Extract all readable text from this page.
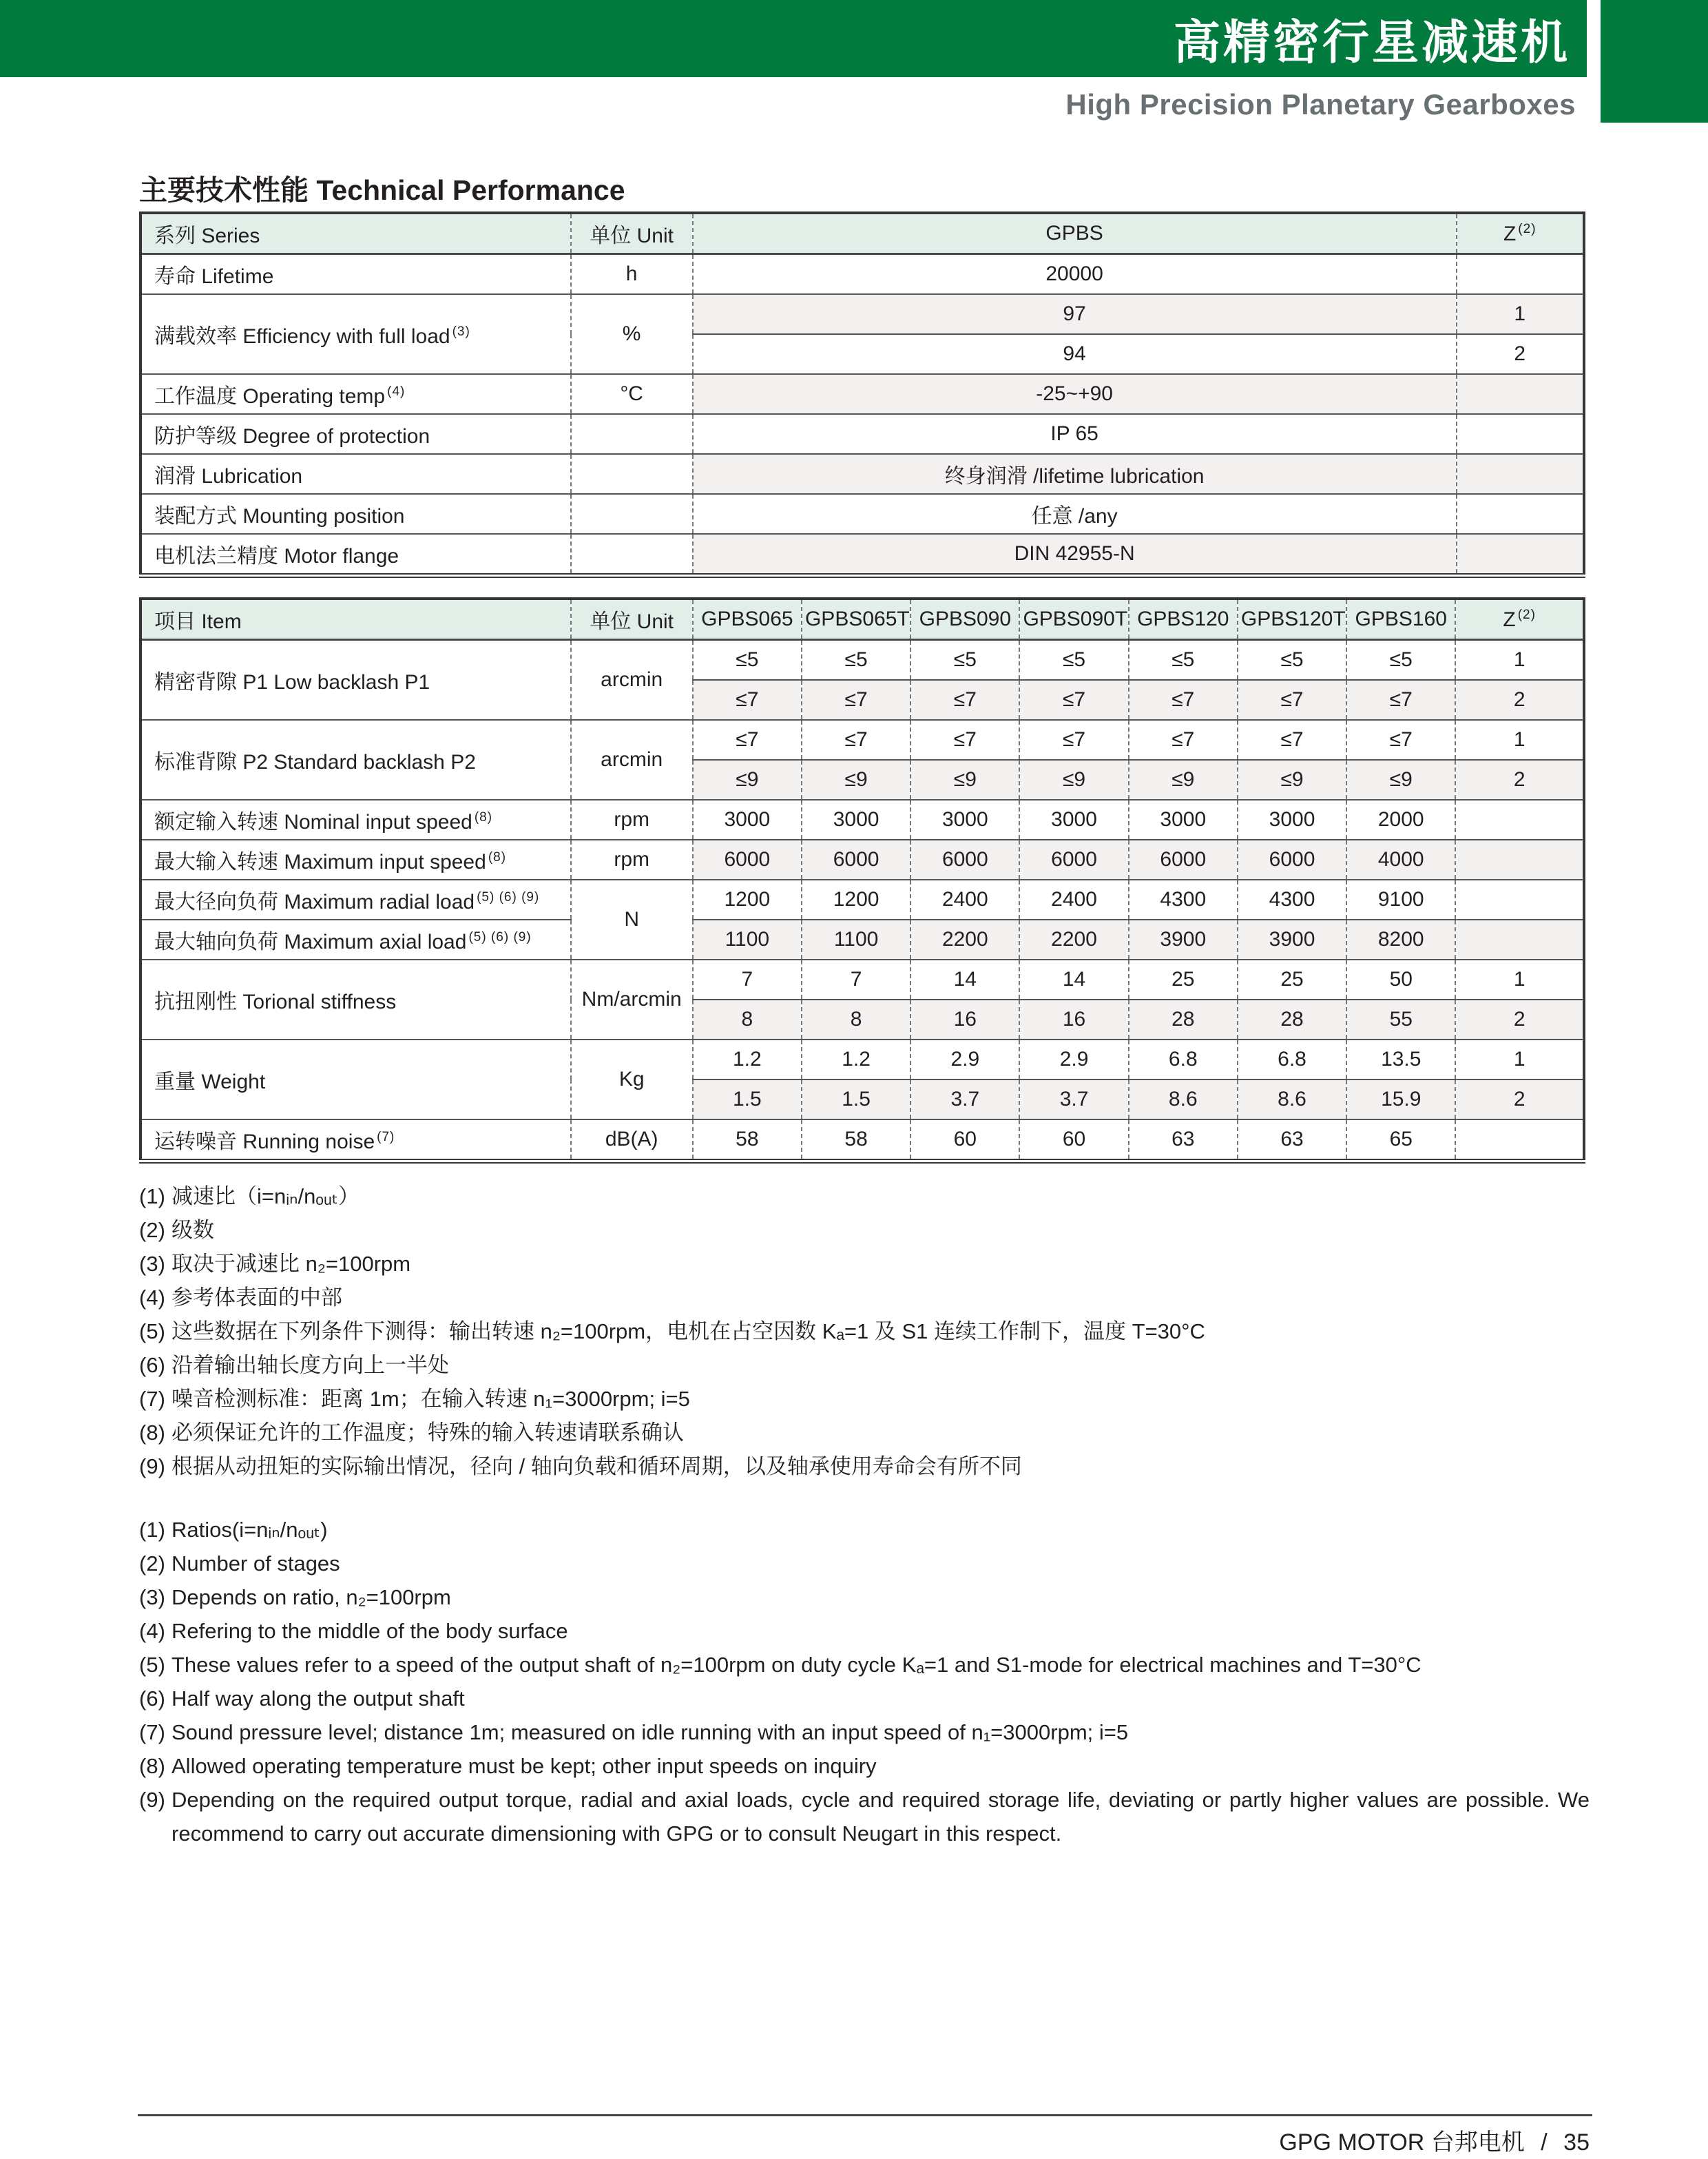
高精密行星减速机
High Precision Planetary Gearboxes
主要技术性能 Technical Performance
系列 Series	单位 Unit	GPBS	Z $^{(2)}$
寿命 Lifetime	h	20000	
满载效率 Efficiency with full load $^{(3)}$	%	97	1
		94	2
工作温度 Operating temp $^{(4)}$	°C	-25~+90	
防护等级 Degree of protection		IP 65	
润滑 Lubrication		终身润滑 /lifetime lubrication	
装配方式 Mounting position		任意 /any	
电机法兰精度 Motor flange		DIN 42955-N	
项目 Item	单位 Unit	GPBS065	GPBS065T	GPBS090	GPBS090T	GPBS120	GPBS120T	GPBS160	Z $^{(2)}$
精密背隙 P1 Low backlash P1	arcmin	≤5	≤5	≤5	≤5	≤5	≤5	≤5	1
		≤7	≤7	≤7	≤7	≤7	≤7	≤7	2
标准背隙 P2 Standard backlash P2	arcmin	≤7	≤7	≤7	≤7	≤7	≤7	≤7	1
		≤9	≤9	≤9	≤9	≤9	≤9	≤9	2
额定输入转速 Nominal input speed $^{(8)}$	rpm	3000	3000	3000	3000	3000	3000	2000	
最大输入转速 Maximum input speed $^{(8)}$	rpm	6000	6000	6000	6000	6000	6000	4000	
最大径向负荷 Maximum radial load $^{(5) (6) (9)}$	N	1200	1200	2400	2400	4300	4300	9100	
最大轴向负荷 Maximum axial load $^{(5) (6) (9)}$		1100	1100	2200	2200	3900	3900	8200	
抗扭刚性 Torional stiffness	Nm/arcmin	7	7	14	14	25	25	50	1
		8	8	16	16	28	28	55	2
重量 Weight	Kg	1.2	1.2	2.9	2.9	6.8	6.8	13.5	1
		1.5	1.5	3.7	3.7	8.6	8.6	15.9	2
运转噪音 Running noise $^{(7)}$	dB(A)	58	58	60	60	63	63	65	
(1) 减速比（i=nᵢₙ/nₒᵤₜ）
(2) 级数
(3) 取决于减速比 n₂=100rpm
(4) 参考体表面的中部
(5) 这些数据在下列条件下测得：输出转速 n₂=100rpm，电机在占空因数 Kₐ=1 及 S1 连续工作制下，温度 T=30°C
(6) 沿着输出轴长度方向上一半处
(7) 噪音检测标准：距离 1m；在输入转速 n₁=3000rpm; i=5
(8) 必须保证允许的工作温度；特殊的输入转速请联系确认
(9) 根据从动扭矩的实际输出情况，径向 / 轴向负载和循环周期，以及轴承使用寿命会有所不同
(1) Ratios(i=nᵢₙ/nₒᵤₜ)
(2) Number of stages
(3) Depends on ratio, n₂=100rpm
(4) Refering to the middle of the body surface
(5) These values refer to a speed of the output shaft of n₂=100rpm on duty cycle Kₐ=1 and S1-mode for electrical machines and T=30°C
(6) Half way along the output shaft
(7) Sound pressure level; distance 1m; measured on idle running with an input speed of n₁=3000rpm; i=5
(8) Allowed operating temperature must be kept; other input speeds on inquiry
(9) Depending on the required output torque, radial and axial loads, cycle and required storage life, deviating or partly higher values are possible. We recommend to carry out accurate dimensioning with GPG or to consult Neugart in this respect.
GPG MOTOR 台邦电机 / 35
